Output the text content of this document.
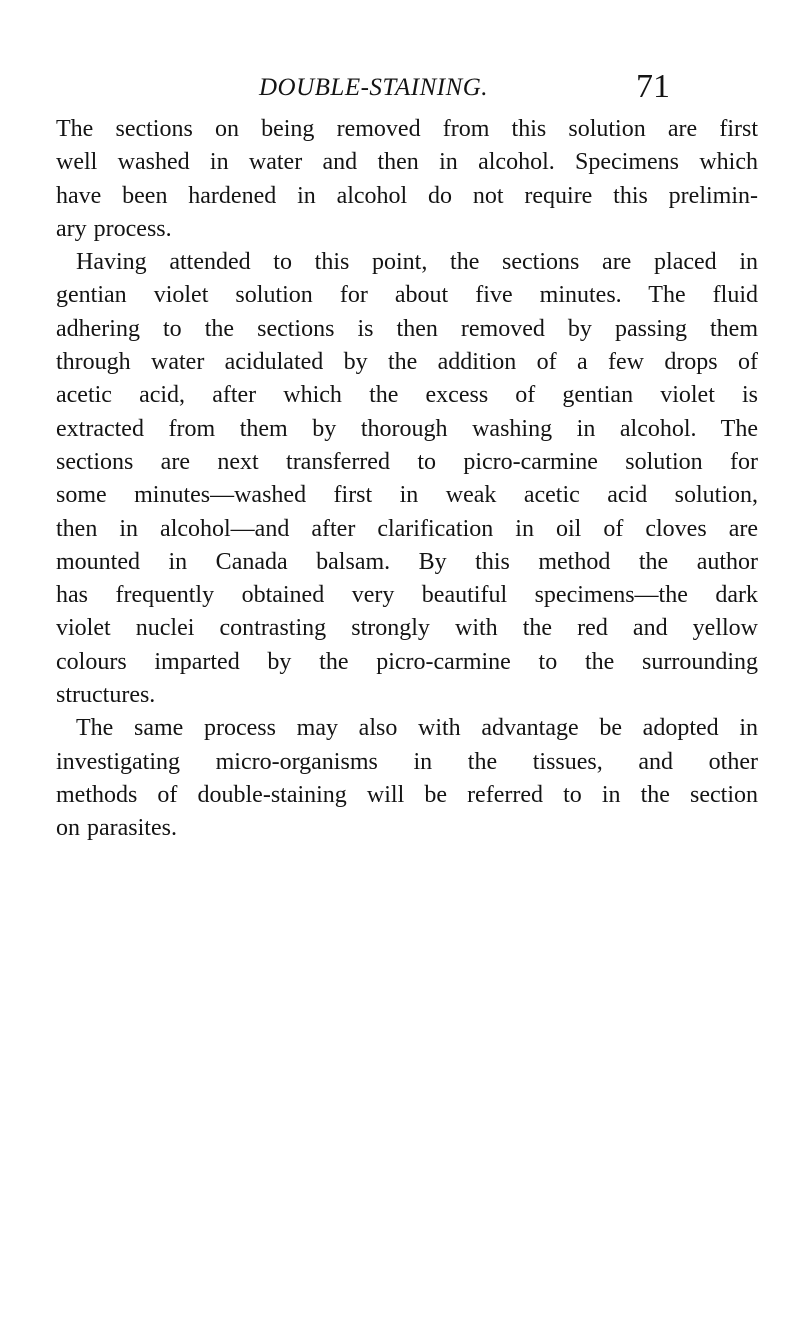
DOUBLE-STAINING.	71
The sections on being removed from this solution are first
well washed in water and then in alcohol. Specimens which
have been hardened in alcohol do not require this prelimin-
ary process.
Having attended to this point, the sections are placed in
gentian violet solution for about five minutes. The fluid
adhering to the sections is then removed by passing them
through water acidulated by the addition of a few drops of
acetic acid, after which the excess of gentian violet is
extracted from them by thorough washing in alcohol. The
sections are next transferred to picro-carmine solution for
some minutes—washed first in weak acetic acid solution,
then in alcohol—and after clarification in oil of cloves are
mounted in Canada balsam. By this method the author
has frequently obtained very beautiful specimens—the dark
violet nuclei contrasting strongly with the red and yellow
colours imparted by the picro-carmine to the surrounding
structures.
The same process may also with advantage be adopted in
investigating micro-organisms in the tissues, and other
methods of double-staining will be referred to in the section
on parasites.
